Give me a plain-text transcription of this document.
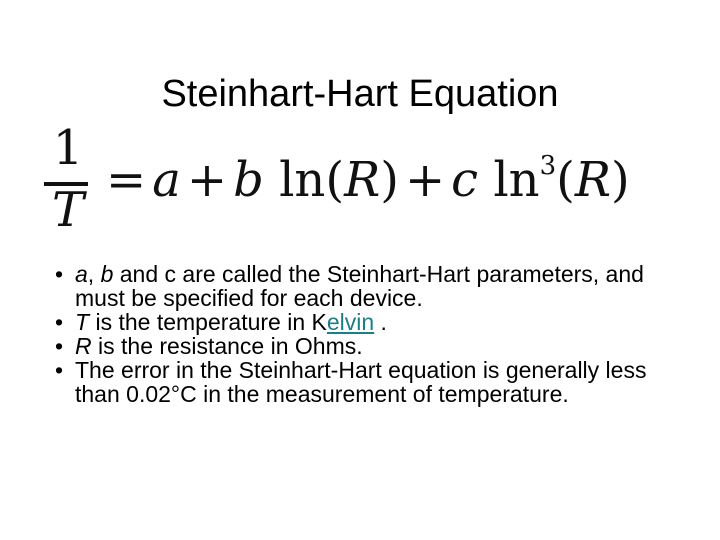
Steinhart-Hart Equation
1
T
= a + b ln(R) + c $\ln^3(R)$
• a, b and c are called the Steinhart-Hart parameters, and must be specified for each device.
• T is the temperature in Kelvin .
• R is the resistance in Ohms.
• The error in the Steinhart-Hart equation is generally less than 0.02°C in the measurement of temperature.
